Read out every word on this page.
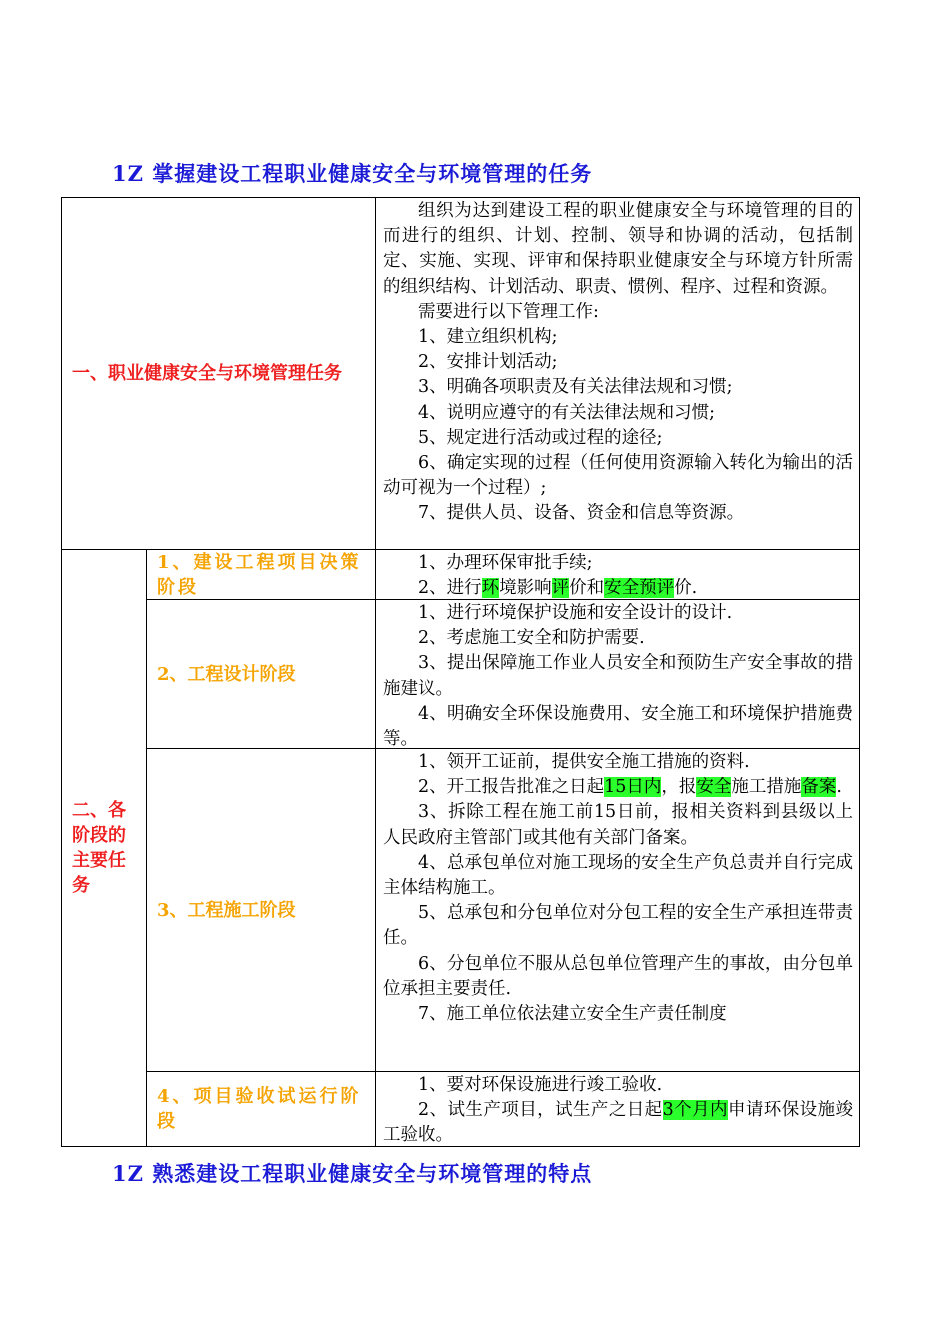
1Z 掌握建设工程职业健康安全与环境管理的任务
一、职业健康安全与环境管理任务

组织为达到建设工程的职业健康安全与环境管理的目的而进行的组织、计划、控制、领导和协调的活动，包括制定、实施、实现、评审和保持职业健康安全与环境方针所需的组织结构、计划活动、职责、惯例、程序、过程和资源。

需要进行以下管理工作:

1、建立组织机构;

2、安排计划活动;

3、明确各项职责及有关法律法规和习惯;

4、说明应遵守的有关法律法规和习惯;

5、规定进行活动或过程的途径;

6、确定实现的过程（任何使用资源输入转化为输出的活动可视为一个过程）;

7、提供人员、设备、资金和信息等资源。

二、各阶段的主要任务
1、建设工程项目决策阶段

1、办理环保审批手续;

2、进行环境影响评价和安全预评价.

2、工程设计阶段

1、进行环境保护设施和安全设计的设计.

2、考虑施工安全和防护需要.

3、提出保障施工作业人员安全和预防生产安全事故的措施建议。

4、明确安全环保设施费用、安全施工和环境保护措施费等。

3、工程施工阶段

1、领开工证前，提供安全施工措施的资料.

2、开工报告批准之日起15日内，报安全施工措施备案.

3、拆除工程在施工前15日前，报相关资料到县级以上人民政府主管部门或其他有关部门备案。

4、总承包单位对施工现场的安全生产负总责并自行完成主体结构施工。

5、总承包和分包单位对分包工程的安全生产承担连带责任。

6、分包单位不服从总包单位管理产生的事故，由分包单位承担主要责任.

7、施工单位依法建立安全生产责任制度

4、项目验收试运行阶段

1、要对环保设施进行竣工验收.

2、试生产项目，试生产之日起3个月内申请环保设施竣工验收。

1Z 熟悉建设工程职业健康安全与环境管理的特点
